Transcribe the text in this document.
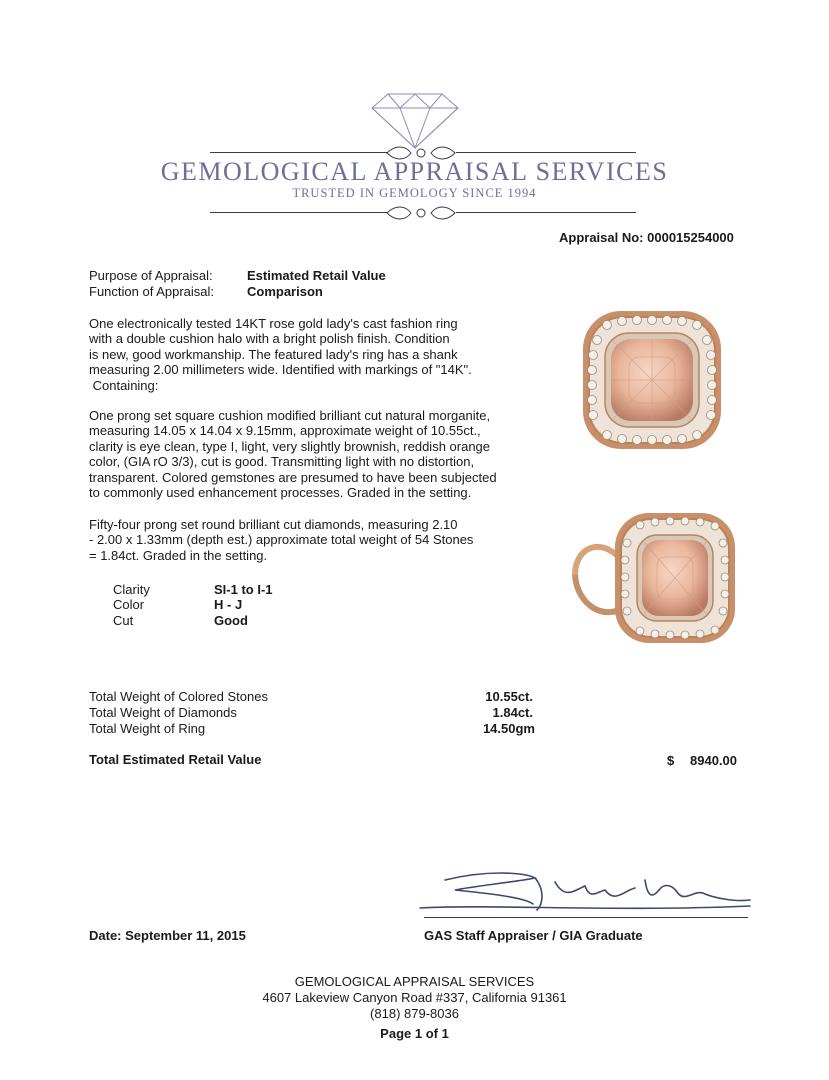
GEMOLOGICAL APPRAISAL SERVICES
TRUSTED IN GEMOLOGY SINCE 1994
Appraisal No: 000015254000
Purpose of Appraisal:	Estimated Retail Value
Function of Appraisal:	Comparison
One electronically tested 14KT rose gold lady's cast fashion ring
with a double cushion halo with a bright polish finish. Condition
is new, good workmanship. The featured lady's ring has a shank
measuring 2.00 millimeters wide. Identified with markings of "14K".
Containing:
One prong set square cushion modified brilliant cut natural morganite,
measuring 14.05 x 14.04 x 9.15mm, approximate weight of 10.55ct.,
clarity is eye clean, type I, light, very slightly brownish, reddish orange
color, (GIA rO 3/3), cut is good. Transmitting light with no distortion,
transparent. Colored gemstones are presumed to have been subjected
to commonly used enhancement processes. Graded in the setting.
Fifty-four prong set round brilliant cut diamonds, measuring 2.10
- 2.00 x 1.33mm (depth est.) approximate total weight of 54 Stones
= 1.84ct. Graded in the setting.
Clarity	SI-1 to I-1
Color	H - J
Cut	Good
Total Weight of Colored Stones	10.55ct.
Total Weight of Diamonds	1.84ct.
Total Weight of Ring	14.50gm
Total Estimated Retail Value	$ 8940.00
Date: September 11, 2015	GAS Staff Appraiser / GIA Graduate
GEMOLOGICAL APPRAISAL SERVICES
4607 Lakeview Canyon Road #337, California 91361
(818) 879-8036
Page 1 of 1
